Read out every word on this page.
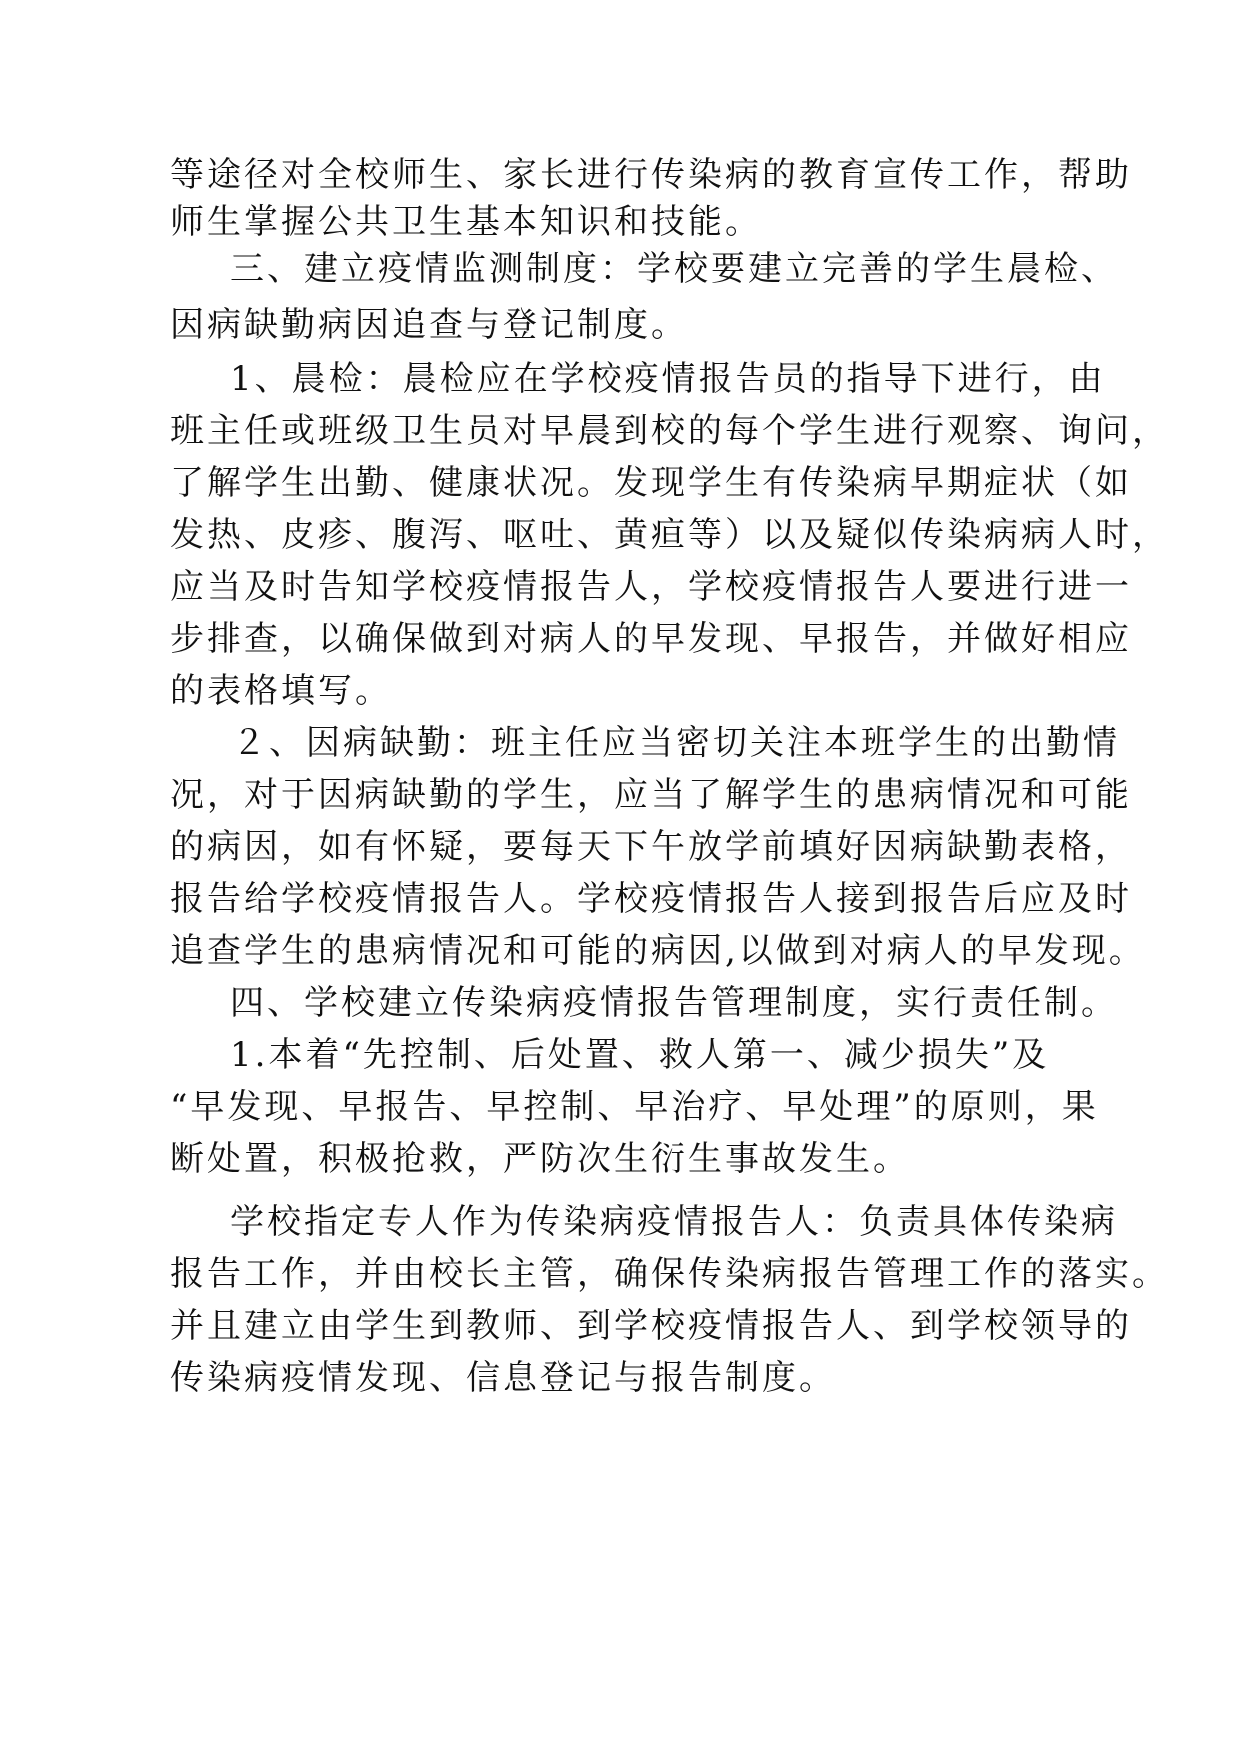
等途径对全校师生、家长进行传染病的教育宣传工作，帮助
师生掌握公共卫生基本知识和技能。
三、建立疫情监测制度：学校要建立完善的学生晨检、
因病缺勤病因追查与登记制度。
1、晨检：晨检应在学校疫情报告员的指导下进行，由
班主任或班级卫生员对早晨到校的每个学生进行观察、询问，
了解学生出勤、健康状况。发现学生有传染病早期症状（如
发热、皮疹、腹泻、呕吐、黄疸等）以及疑似传染病病人时，
应当及时告知学校疫情报告人，学校疫情报告人要进行进一
步排查，以确保做到对病人的早发现、早报告，并做好相应
的表格填写。
２、因病缺勤：班主任应当密切关注本班学生的出勤情
况，对于因病缺勤的学生，应当了解学生的患病情况和可能
的病因，如有怀疑，要每天下午放学前填好因病缺勤表格，
报告给学校疫情报告人。学校疫情报告人接到报告后应及时
追查学生的患病情况和可能的病因,以做到对病人的早发现。
四、学校建立传染病疫情报告管理制度，实行责任制。
1.本着“先控制、后处置、救人第一、减少损失”及
“早发现、早报告、早控制、早治疗、早处理”的原则，果
断处置，积极抢救，严防次生衍生事故发生。
学校指定专人作为传染病疫情报告人：负责具体传染病
报告工作，并由校长主管，确保传染病报告管理工作的落实。
并且建立由学生到教师、到学校疫情报告人、到学校领导的
传染病疫情发现、信息登记与报告制度。
